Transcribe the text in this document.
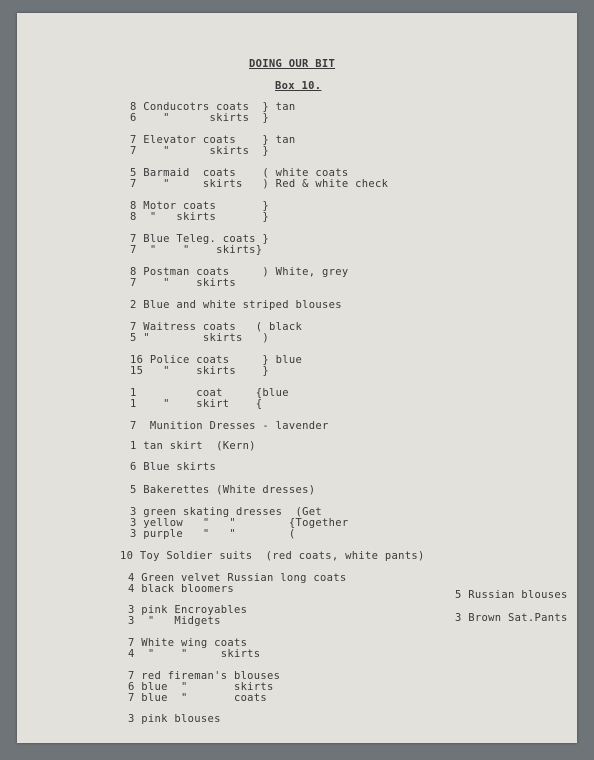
DOING OUR BIT
Box 10.
8 Conducotrs coats  } tan
6    "      skirts  }
7 Elevator coats    } tan
7    "      skirts  }
5 Barmaid  coats    ( white coats
7    "     skirts   ) Red & white check
8 Motor coats       }
8  "   skirts       }
7 Blue Teleg. coats }
7  "    "    skirts}
8 Postman coats     ) White, grey
7    "    skirts
2 Blue and white striped blouses
7 Waitress coats   ( black
5 "        skirts   )
16 Police coats     } blue
15   "    skirts    }
1         coat     {blue
1    "    skirt    {
7  Munition Dresses - lavender
1 tan skirt  (Kern)
6 Blue skirts
5 Bakerettes (White dresses)
3 green skating dresses  (Get
3 yellow   "   "        {Together
3 purple   "   "        (
10 Toy Soldier suits  (red coats, white pants)
4 Green velvet Russian long coats
4 black bloomers	5 Russian blouses
3 pink Encroyables
3  "   Midgets	3 Brown Sat.Pants
7 White wing coats
4  "    "     skirts
7 red fireman's blouses
6 blue  "       skirts
7 blue  "       coats
3 pink blouses
